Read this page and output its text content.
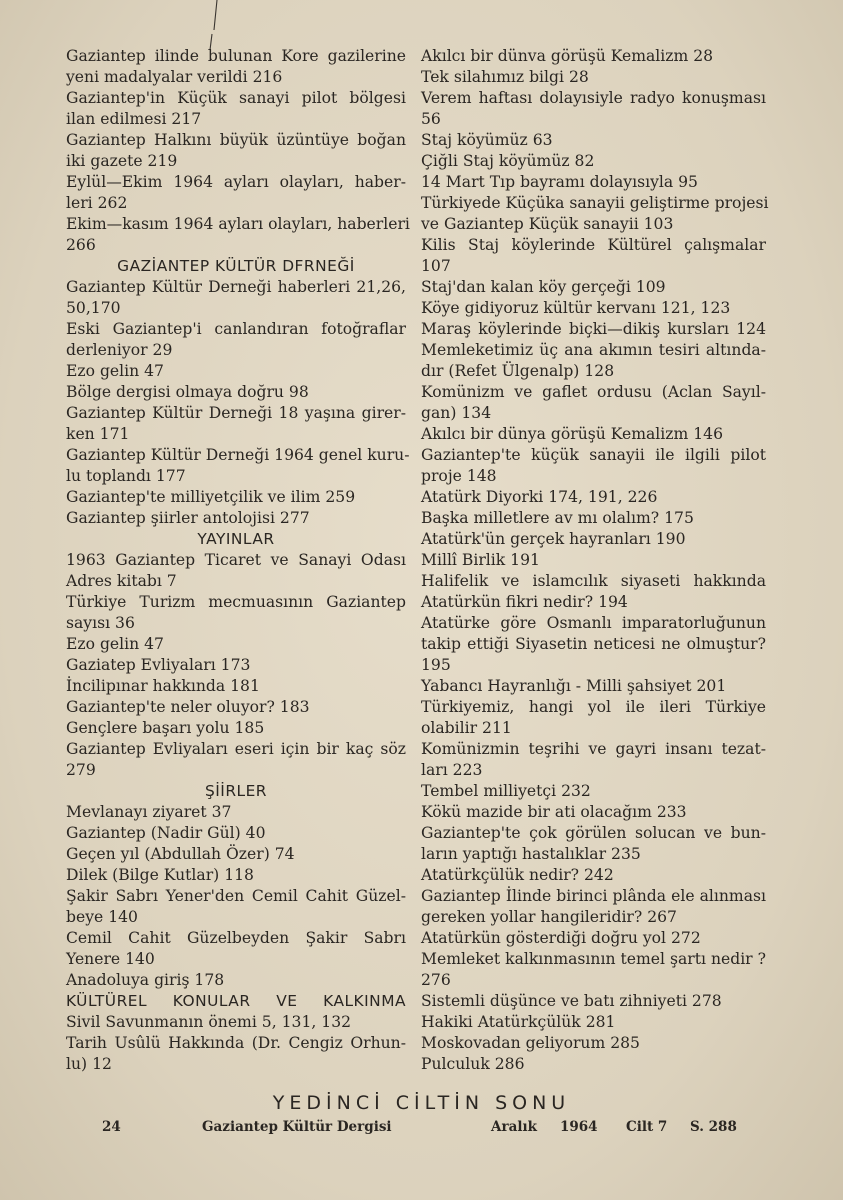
Gaziantep ilinde bulunan Kore gazilerine
yeni madalyalar verildi 216
Gaziantep'in Küçük sanayi pilot bölgesi
ilan edilmesi 217
Gaziantep Halkını büyük üzüntüye boğan
iki gazete 219
Eylül—Ekim 1964 ayları olayları, haber-
leri 262
Ekim—kasım 1964 ayları olayları, haberleri
266
GAZİANTEP KÜLTÜR DFRNEĞİ
Gaziantep Kültür Derneği haberleri 21,26,
50,170
Eski Gaziantep'i canlandıran fotoğraflar
derleniyor 29
Ezo gelin 47
Bölge dergisi olmaya doğru 98
Gaziantep Kültür Derneği 18 yaşına girer-
ken 171
Gaziantep Kültür Derneği 1964 genel kuru-
lu toplandı 177
Gaziantep'te milliyetçilik ve ilim 259
Gaziantep şiirler antolojisi 277
YAYINLAR
1963 Gaziantep Ticaret ve Sanayi Odası
Adres kitabı 7
Türkiye Turizm mecmuasının Gaziantep
sayısı 36
Ezo gelin 47
Gaziatep Evliyaları 173
İncilipınar hakkında 181
Gaziantep'te neler oluyor? 183
Gençlere başarı yolu 185
Gaziantep Evliyaları eseri için bir kaç söz
279
ŞİİRLER
Mevlanayı ziyaret 37
Gaziantep (Nadir Gül) 40
Geçen yıl (Abdullah Özer) 74
Dilek (Bilge Kutlar) 118
Şakir Sabrı Yener'den Cemil Cahit Güzel-
beye 140
Cemil Cahit Güzelbeyden Şakir Sabrı
Yenere 140
Anadoluya giriş 178
KÜLTÜREL KONULAR VE KALKINMA
Sivil Savunmanın önemi 5, 131, 132
Tarih Usûlü Hakkında (Dr. Cengiz Orhun-
lu) 12
Akılcı bir dünva görüşü Kemalizm 28
Tek silahımız bilgi 28
Verem haftası dolayısiyle radyo konuşması
56
Staj köyümüz 63
Çiğli Staj köyümüz 82
14 Mart Tıp bayramı dolayısıyla 95
Türkiyede Küçüka sanayii geliştirme projesi
ve Gaziantep Küçük sanayii 103
Kilis Staj köylerinde Kültürel çalışmalar
107
Staj'dan kalan köy gerçeği 109
Köye gidiyoruz kültür kervanı 121, 123
Maraş köylerinde biçki—dikiş kursları 124
Memleketimiz üç ana akımın tesiri altında-
dır (Refet Ülgenalp) 128
Komünizm ve gaflet ordusu (Aclan Sayıl-
gan) 134
Akılcı bir dünya görüşü Kemalizm 146
Gaziantep'te küçük sanayii ile ilgili pilot
proje 148
Atatürk Diyorki 174, 191, 226
Başka milletlere av mı olalım? 175
Atatürk'ün gerçek hayranları 190
Millî Birlik 191
Halifelik ve islamcılık siyaseti hakkında
Atatürkün fikri nedir? 194
Atatürke göre Osmanlı imparatorluğunun
takip ettiği Siyasetin neticesi ne olmuştur?
195
Yabancı Hayranlığı - Milli şahsiyet 201
Türkiyemiz, hangi yol ile ileri Türkiye
olabilir 211
Komünizmin teşrihi ve gayri insanı tezat-
ları 223
Tembel milliyetçi 232
Kökü mazide bir ati olacağım 233
Gaziantep'te çok görülen solucan ve bun-
ların yaptığı hastalıklar 235
Atatürkçülük nedir? 242
Gaziantep İlinde birinci plânda ele alınması
gereken yollar hangileridir? 267
Atatürkün gösterdiği doğru yol 272
Memleket kalkınmasının temel şartı nedir ?
276
Sistemli düşünce ve batı zihniyeti 278
Hakiki Atatürkçülük 281
Moskovadan geliyorum 285
Pulculuk 286
YEDİNCİ CİLTİN SONU
24	Gaziantep Kültür Dergisi	Aralık 1964 Cilt 7 S. 288
